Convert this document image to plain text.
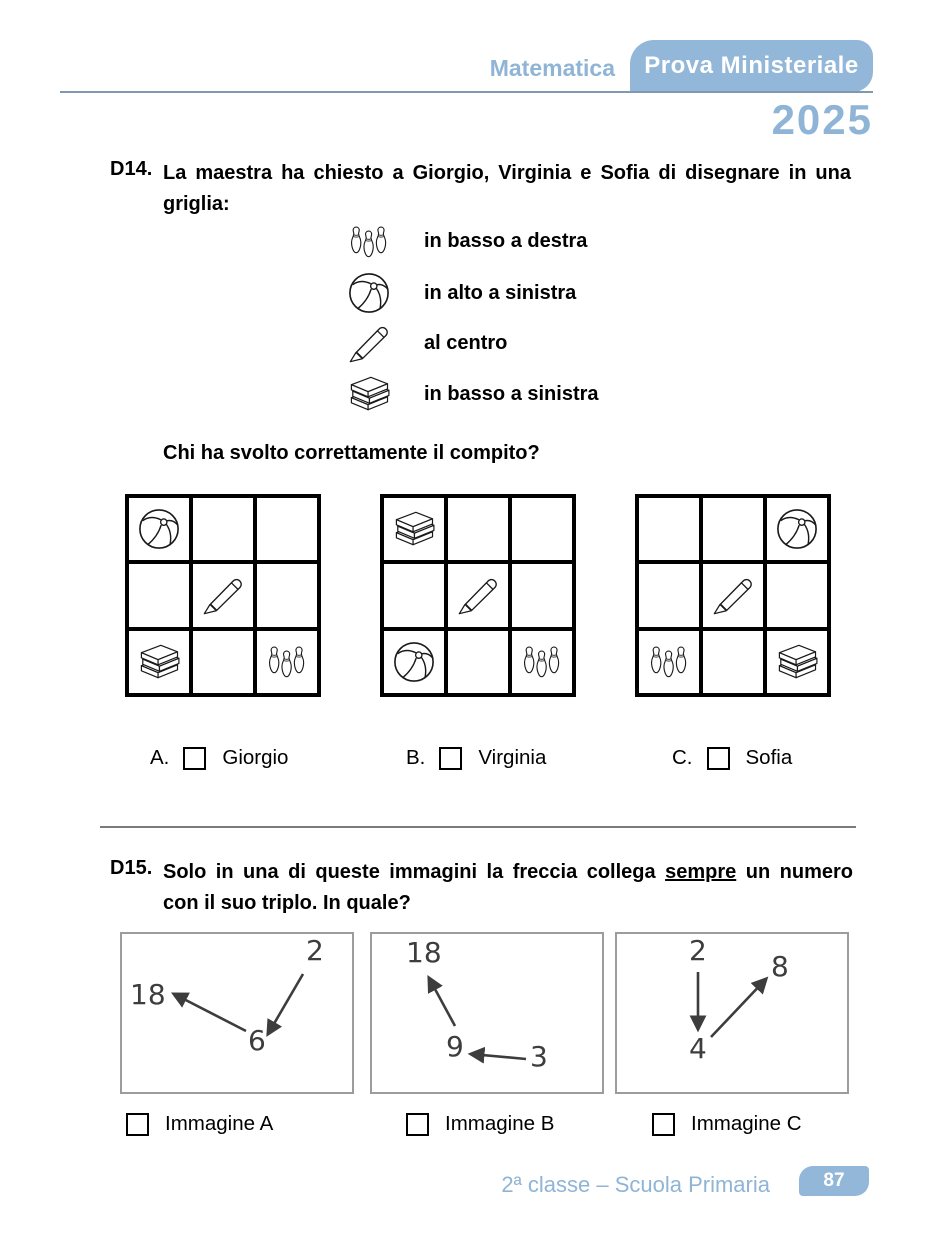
Matematica	Prova Ministeriale
2025
D14. La maestra ha chiesto a Giorgio, Virginia e Sofia di disegnare in una
griglia:
in basso a destra
in alto a sinistra
al centro
in basso a sinistra
Chi ha svolto correttamente il compito?
A.	Giorgio	B.	Virginia	C.	Sofia
D15. Solo in una di queste immagini la freccia collega sempre un numero
con il suo triplo. In quale?
2
18
6
18
9 3
2 8
4
Immagine A	Immagine B	Immagine C
2ª classe – Scuola Primaria	87
